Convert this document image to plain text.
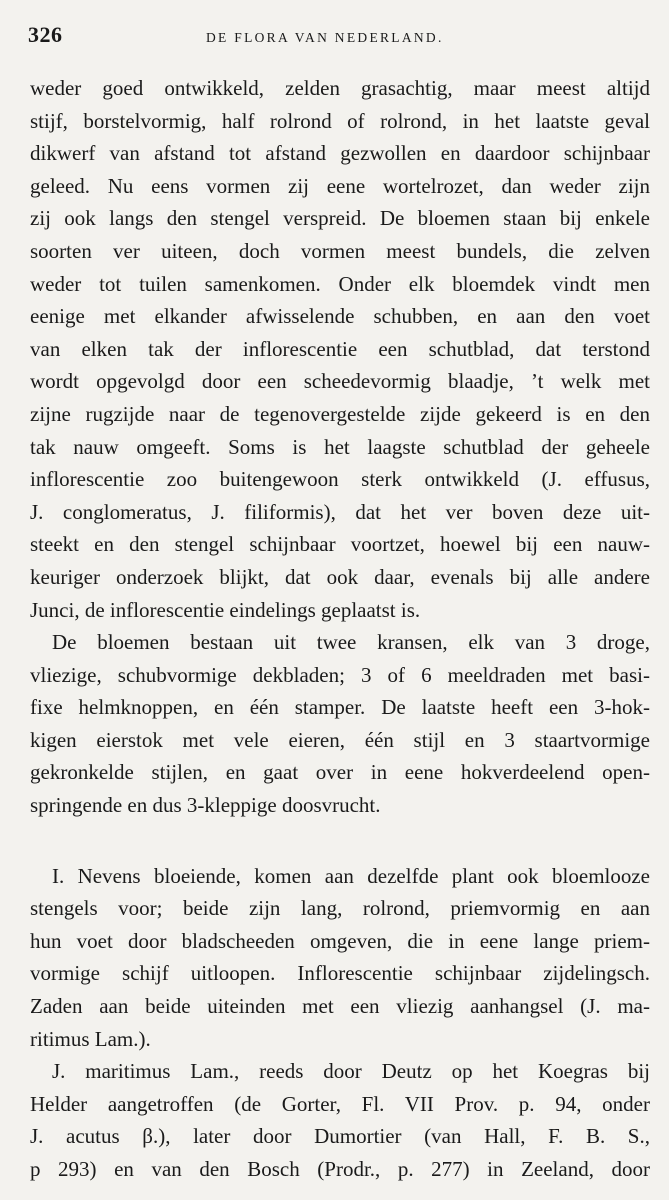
326	DE FLORA VAN NEDERLAND.
weder goed ontwikkeld, zelden grasachtig, maar meest altijd
stijf, borstelvormig, half rolrond of rolrond, in het laatste geval
dikwerf van afstand tot afstand gezwollen en daardoor schijnbaar
geleed. Nu eens vormen zij eene wortelrozet, dan weder zijn
zij ook langs den stengel verspreid. De bloemen staan bij enkele
soorten ver uiteen, doch vormen meest bundels, die zelven
weder tot tuilen samenkomen. Onder elk bloemdek vindt men
eenige met elkander afwisselende schubben, en aan den voet
van elken tak der inflorescentie een schutblad, dat terstond
wordt opgevolgd door een scheedevormig blaadje, ’t welk met
zijne rugzijde naar de tegenovergestelde zijde gekeerd is en den
tak nauw omgeeft. Soms is het laagste schutblad der geheele
inflorescentie zoo buitengewoon sterk ontwikkeld (J. effusus,
J. conglomeratus, J. filiformis), dat het ver boven deze uit-
steekt en den stengel schijnbaar voortzet, hoewel bij een nauw-
keuriger onderzoek blijkt, dat ook daar, evenals bij alle andere
Junci, de inflorescentie eindelings geplaatst is.
De bloemen bestaan uit twee kransen, elk van 3 droge,
vliezige, schubvormige dekbladen; 3 of 6 meeldraden met basi-
fixe helmknoppen, en één stamper. De laatste heeft een 3-hok-
kigen eierstok met vele eieren, één stijl en 3 staartvormige
gekronkelde stijlen, en gaat over in eene hokverdeelend open-
springende en dus 3-kleppige doosvrucht.
I. Nevens bloeiende, komen aan dezelfde plant ook bloemlooze
stengels voor; beide zijn lang, rolrond, priemvormig en aan
hun voet door bladscheeden omgeven, die in eene lange priem-
vormige schijf uitloopen. Inflorescentie schijnbaar zijdelingsch.
Zaden aan beide uiteinden met een vliezig aanhangsel (J. ma-
ritimus Lam.).
J. maritimus Lam., reeds door Deutz op het Koegras bij
Helder aangetroffen (de Gorter, Fl. VII Prov. p. 94, onder
J. acutus β.), later door Dumortier (van Hall, F. B. S.,
p 293) en van den Bosch (Prodr., p. 277) in Zeeland, door
